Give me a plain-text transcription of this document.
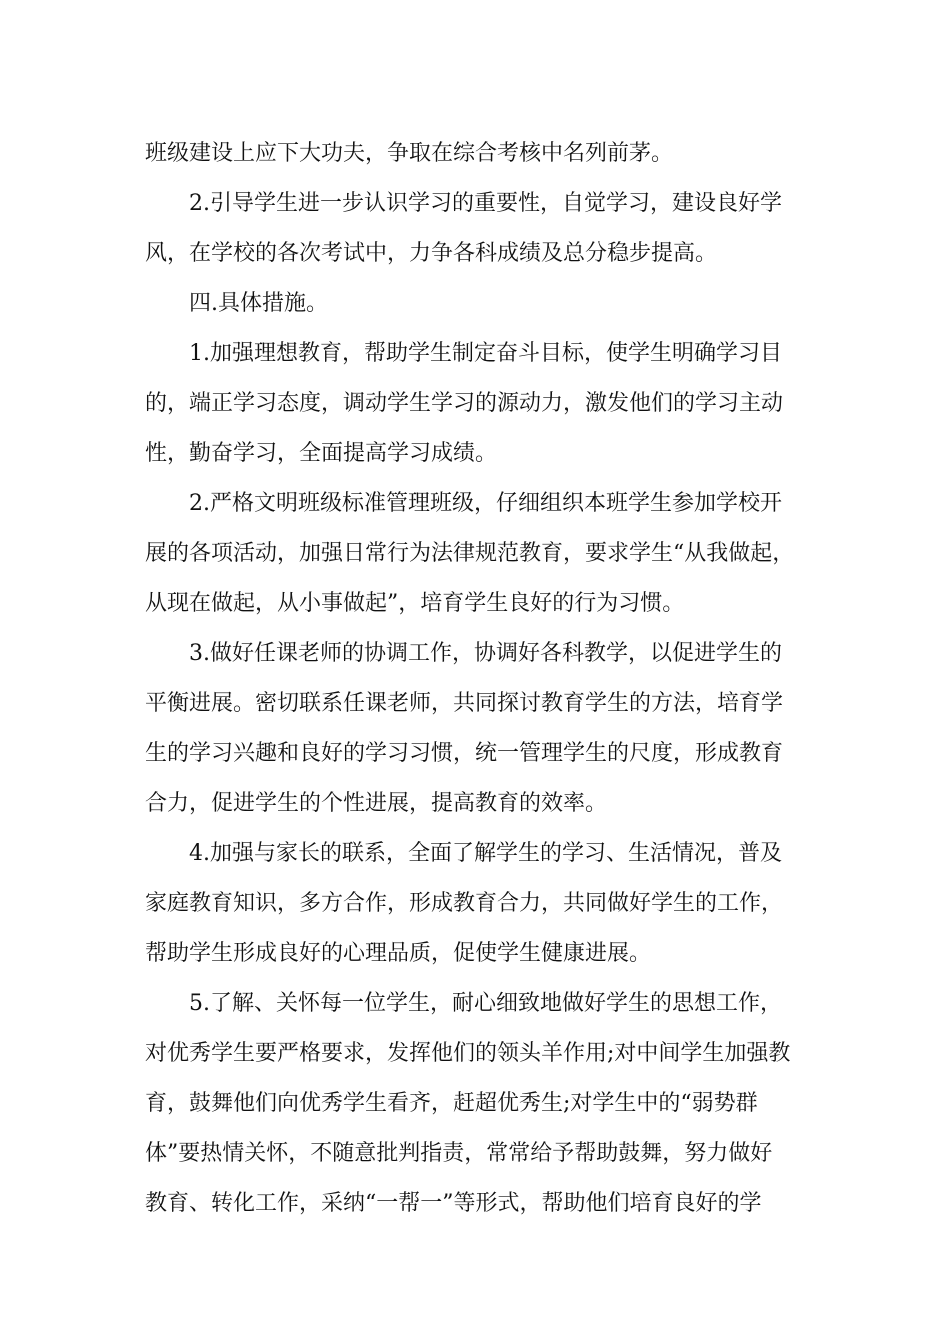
班级建设上应下大功夫，争取在综合考核中名列前茅。
2.引导学生进一步认识学习的重要性，自觉学习，建设良好学
风，在学校的各次考试中，力争各科成绩及总分稳步提高。
四.具体措施。
1.加强理想教育，帮助学生制定奋斗目标，使学生明确学习目
的，端正学习态度，调动学生学习的源动力，激发他们的学习主动
性，勤奋学习，全面提高学习成绩。
2.严格文明班级标准管理班级，仔细组织本班学生参加学校开
展的各项活动，加强日常行为法律规范教育，要求学生“从我做起，
从现在做起，从小事做起”，培育学生良好的行为习惯。
3.做好任课老师的协调工作，协调好各科教学，以促进学生的
平衡进展。密切联系任课老师，共同探讨教育学生的方法，培育学
生的学习兴趣和良好的学习习惯，统一管理学生的尺度，形成教育
合力，促进学生的个性进展，提高教育的效率。
4.加强与家长的联系，全面了解学生的学习、生活情况，普及
家庭教育知识，多方合作，形成教育合力，共同做好学生的工作，
帮助学生形成良好的心理品质，促使学生健康进展。
5.了解、关怀每一位学生，耐心细致地做好学生的思想工作，
对优秀学生要严格要求，发挥他们的领头羊作用;对中间学生加强教
育，鼓舞他们向优秀学生看齐，赶超优秀生;对学生中的“弱势群
体”要热情关怀，不随意批判指责，常常给予帮助鼓舞，努力做好
教育、转化工作，采纳“一帮一”等形式，帮助他们培育良好的学
